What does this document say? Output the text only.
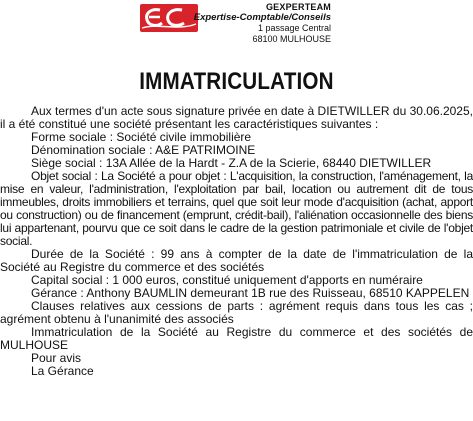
GEXPERTEAM
Expertise-Comptable/Conseils
1 passage Central
68100 MULHOUSE
IMMATRICULATION

Aux termes d'un acte sous signature privée en date à DIETWILLER du 30.06.2025, il a été constitué une société présentant les caractéristiques suivantes :

Forme sociale : Société civile immobilière

Dénomination sociale : A&E PATRIMOINE

Siège social : 13A Allée de la Hardt - Z.A de la Scierie, 68440 DIETWILLER

Objet social : La Société a pour objet : L'acquisition, la construction, l'aménagement, la mise en valeur, l'administration, l'exploitation par bail, location ou autrement dit de tous immeubles, droits immobiliers et terrains, quel que soit leur mode d'acquisition (achat, apport ou construction) ou de financement (emprunt, crédit-bail), l'aliénation occasionnelle des biens lui appartenant, pourvu que ce soit dans le cadre de la gestion patrimoniale et civile de l'objet social.

Durée de la Société : 99 ans à compter de la date de l'immatriculation de la Société au Registre du commerce et des sociétés

Capital social : 1 000 euros, constitué uniquement d'apports en numéraire

Gérance : Anthony BAUMLIN demeurant 1B rue des Ruisseau, 68510 KAPPELEN

Clauses relatives aux cessions de parts : agrément requis dans tous les cas ; agrément obtenu à l'unanimité des associés

Immatriculation de la Société au Registre du commerce et des sociétés de MULHOUSE

Pour avis

La Gérance
